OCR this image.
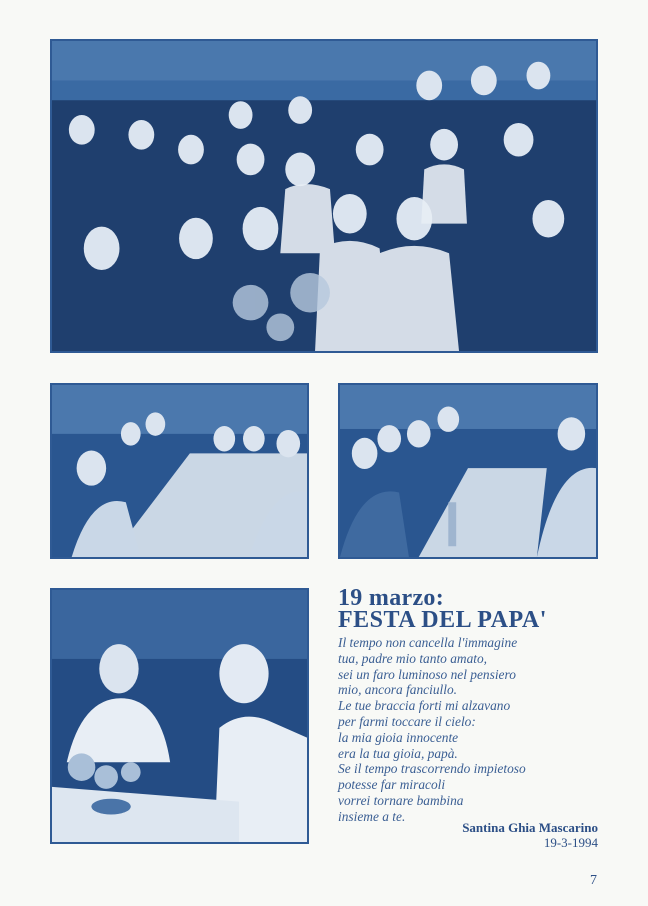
19 marzo:
FESTA DEL PAPA'
Il tempo non cancella l'immagine
tua, padre mio tanto amato,
sei un faro luminoso nel pensiero
mio, ancora fanciullo.
Le tue braccia forti mi alzavano
per farmi toccare il cielo:
la mia gioia innocente
era la tua gioia, papà.
Se il tempo trascorrendo impietoso
potesse far miracoli
vorrei tornare bambina
insieme a te.
Santina Ghia Mascarino
19-3-1994
7
